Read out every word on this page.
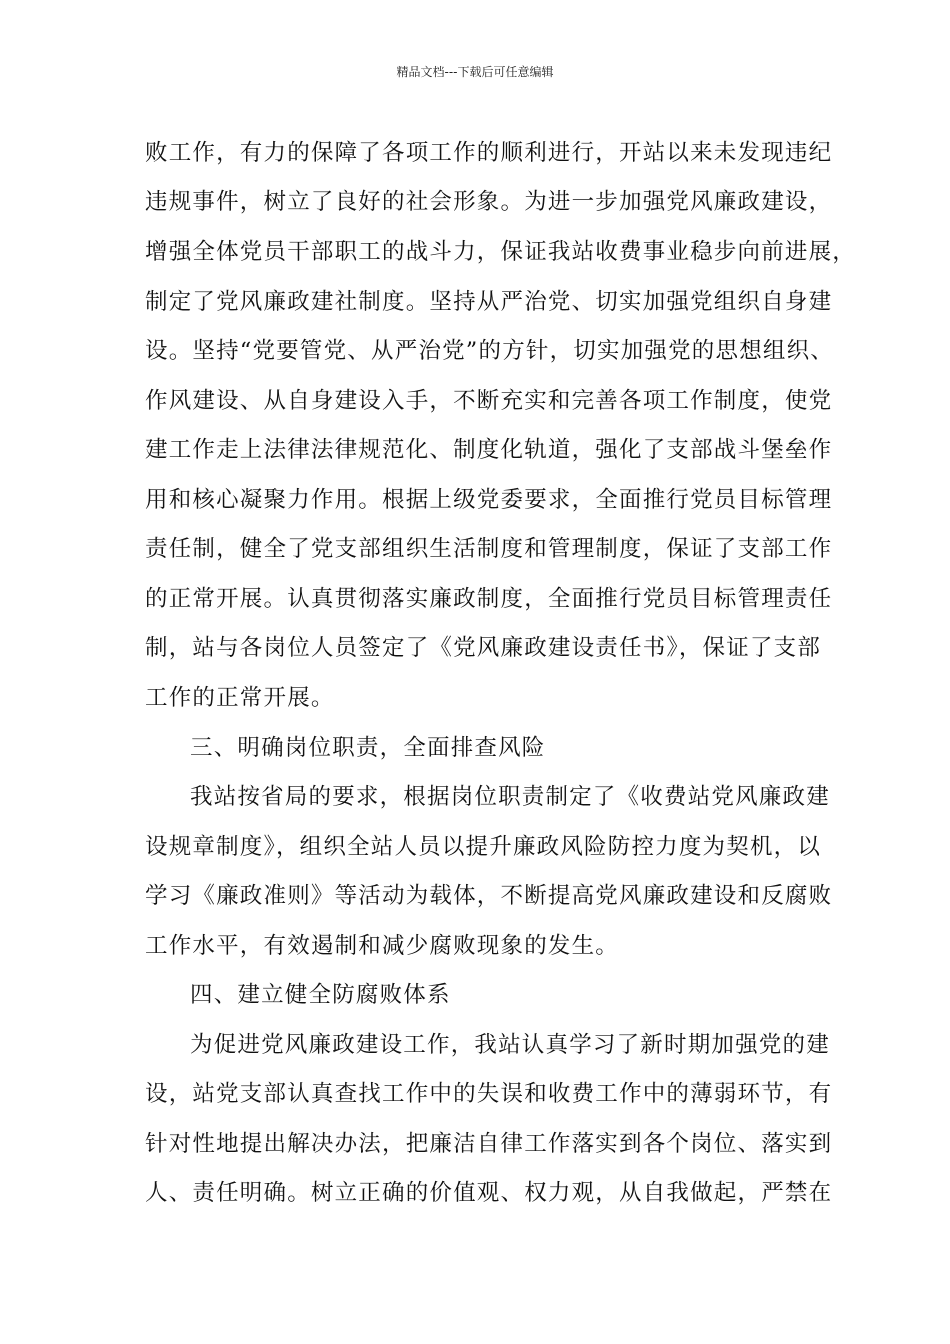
精品文档---下载后可任意编辑
败工作，有力的保障了各项工作的顺利进行，开站以来未发现违纪
违规事件，树立了良好的社会形象。为进一步加强党风廉政建设，
增强全体党员干部职工的战斗力，保证我站收费事业稳步向前进展，
制定了党风廉政建社制度。坚持从严治党、切实加强党组织自身建
设。坚持“党要管党、从严治党”的方针，切实加强党的思想组织、
作风建设、从自身建设入手，不断充实和完善各项工作制度，使党
建工作走上法律法律规范化、制度化轨道，强化了支部战斗堡垒作
用和核心凝聚力作用。根据上级党委要求，全面推行党员目标管理
责任制，健全了党支部组织生活制度和管理制度，保证了支部工作
的正常开展。认真贯彻落实廉政制度，全面推行党员目标管理责任
制，站与各岗位人员签定了《党风廉政建设责任书》，保证了支部
工作的正常开展。
三、明确岗位职责，全面排查风险
我站按省局的要求，根据岗位职责制定了《收费站党风廉政建
设规章制度》，组织全站人员以提升廉政风险防控力度为契机，以
学习《廉政准则》等活动为载体，不断提高党风廉政建设和反腐败
工作水平，有效遏制和减少腐败现象的发生。
四、建立健全防腐败体系
为促进党风廉政建设工作，我站认真学习了新时期加强党的建
设，站党支部认真查找工作中的失误和收费工作中的薄弱环节，有
针对性地提出解决办法，把廉洁自律工作落实到各个岗位、落实到
人、责任明确。树立正确的价值观、权力观，从自我做起，严禁在
